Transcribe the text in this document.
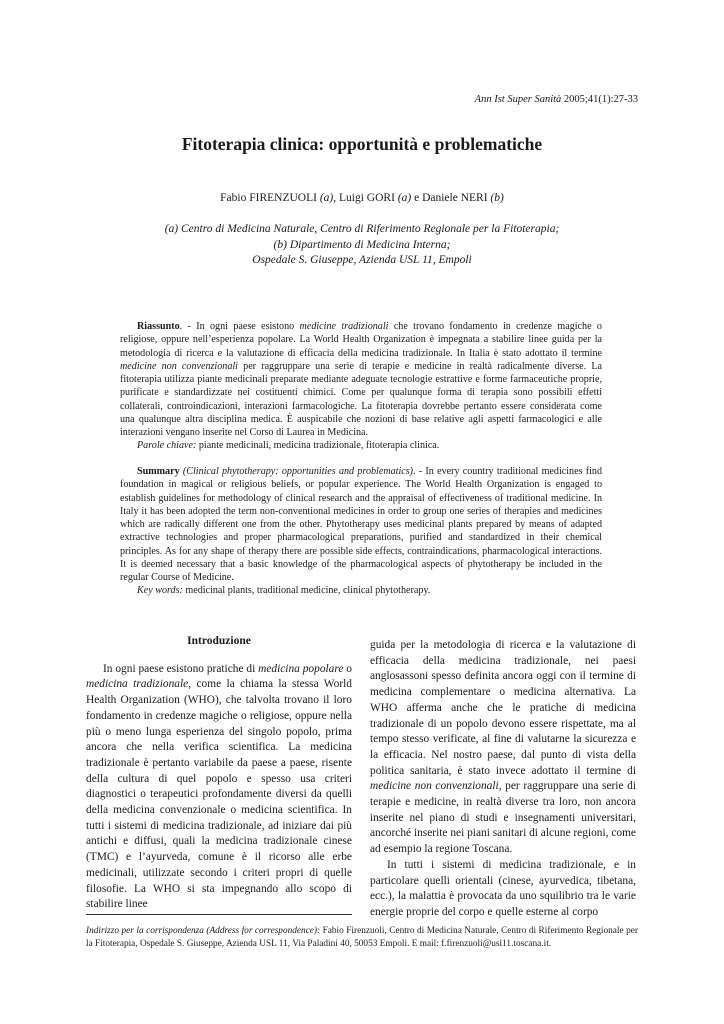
Ann Ist Super Sanità 2005;41(1):27-33
Fitoterapia clinica: opportunità e problematiche
Fabio FIRENZUOLI (a), Luigi GORI (a) e Daniele NERI (b)
(a) Centro di Medicina Naturale, Centro di Riferimento Regionale per la Fitoterapia;
(b) Dipartimento di Medicina Interna;
Ospedale S. Giuseppe, Azienda USL 11, Empoli

Riassunto. - In ogni paese esistono medicine tradizionali che trovano fondamento in credenze magiche o religiose, oppure nell’esperienza popolare. La World Health Organization è impegnata a stabilire linee guida per la metodologia di ricerca e la valutazione di efficacia della medicina tradizionale. In Italia è stato adottato il termine medicine non convenzionali per raggruppare una serie di terapie e medicine in realtà radicalmente diverse. La fitoterapia utilizza piante medicinali preparate mediante adeguate tecnologie estrattive e forme farmaceutiche proprie, purificate e standardizzate nei costituenti chimici. Come per qualunque forma di terapia sono possibili effetti collaterali, controindicazioni, interazioni farmacologiche. La fitoterapia dovrebbe pertanto essere considerata come una qualunque altra disciplina medica. È auspicabile che nozioni di base relative agli aspetti farmacologici e alle interazioni vengano inserite nel Corso di Laurea in Medicina.

Parole chiave: piante medicinali, medicina tradizionale, fitoterapia clinica.

Summary (Clinical phytotherapy: opportunities and problematics). - In every country traditional medicines find foundation in magical or religious beliefs, or popular experience. The World Health Organization is engaged to establish guidelines for methodology of clinical research and the appraisal of effectiveness of traditional medicine. In Italy it has been adopted the term non-conventional medicines in order to group one series of therapies and medicines which are radically different one from the other. Phytotherapy uses medicinal plants prepared by means of adapted extractive technologies and proper pharmacological preparations, purified and standardized in their chemical principles. As for any shape of therapy there are possible side effects, contraindications, pharmacological interactions. It is deemed necessary that a basic knowledge of the pharmacological aspects of phytotherapy be included in the regular Course of Medicine.

Key words: medicinal plants, traditional medicine, clinical phytotherapy.

Introduzione

In ogni paese esistono pratiche di medicina popolare o medicina tradizionale, come la chiama la stessa World Health Organization (WHO), che talvolta trovano il loro fondamento in credenze magiche o religiose, oppure nella più o meno lunga esperienza del singolo popolo, prima ancora che nella verifica scientifica. La medicina tradizionale è pertanto variabile da paese a paese, risente della cultura di quel popolo e spesso usa criteri diagnostici o terapeutici profondamente diversi da quelli della medicina convenzionale o medicina scientifica. In tutti i sistemi di medicina tradizionale, ad iniziare dai più antichi e diffusi, quali la medicina tradizionale cinese (TMC) e l’ayurveda, comune è il ricorso alle erbe medicinali, utilizzate secondo i criteri propri di quelle filosofie. La WHO si sta impegnando allo scopo di stabilire linee

guida per la metodologia di ricerca e la valutazione di efficacia della medicina tradizionale, nei paesi anglosassoni spesso definita ancora oggi con il termine di medicina complementare o medicina alternativa. La WHO afferma anche che le pratiche di medicina tradizionale di un popolo devono essere rispettate, ma al tempo stesso verificate, al fine di valutarne la sicurezza e la efficacia. Nel nostro paese, dal punto di vista della politica sanitaria, è stato invece adottato il termine di medicine non convenzionali, per raggruppare una serie di terapie e medicine, in realtà diverse tra loro, non ancora inserite nel piano di studi e insegnamenti universitari, ancorché inserite nei piani sanitari di alcune regioni, come ad esempio la regione Toscana.

In tutti i sistemi di medicina tradizionale, e in particolare quelli orientali (cinese, ayurvedica, tibetana, ecc.), la malattia è provocata da uno squilibrio tra le varie energie proprie del corpo e quelle esterne al corpo

Indirizzo per la corrispondenza (Address for correspondence): Fabio Firenzuoli, Centro di Medicina Naturale, Centro di Riferimento Regionale per la Fitoterapia, Ospedale S. Giuseppe, Azienda USL 11, Via Paladini 40, 50053 Empoli. E mail: f.firenzuoli@usl11.toscana.it.
